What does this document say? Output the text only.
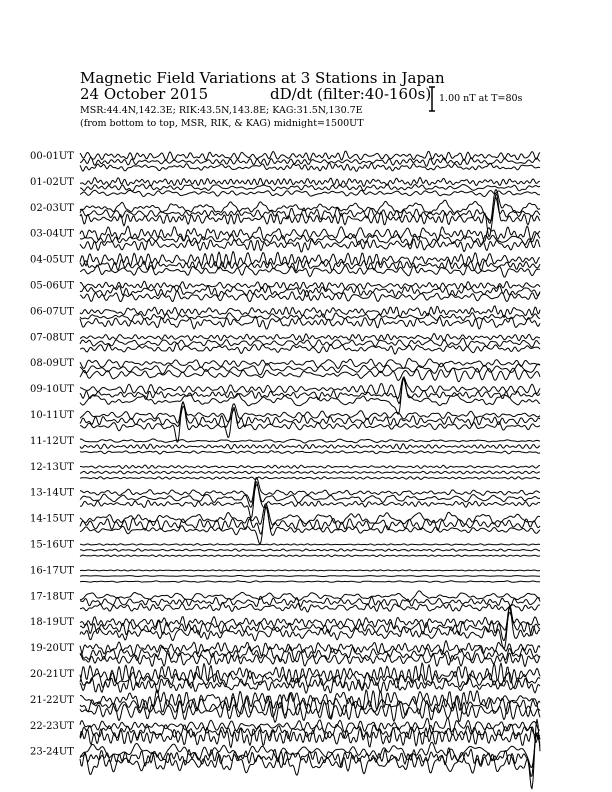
Magnetic Field Variations at 3 Stations in Japan
24 October 2015	dD/dt (filter:40-160s)
MSR:44.4N,142.3E; RIK:43.5N,143.8E; KAG:31.5N,130.7E
(from bottom to top, MSR, RIK, & KAG) midnight=1500UT
1.00 nT at T=80s
00-01UT
01-02UT
02-03UT
03-04UT
04-05UT
05-06UT
06-07UT
07-08UT
08-09UT
09-10UT
10-11UT
11-12UT
12-13UT
13-14UT
14-15UT
15-16UT
16-17UT
17-18UT
18-19UT
19-20UT
20-21UT
21-22UT
22-23UT
23-24UT
